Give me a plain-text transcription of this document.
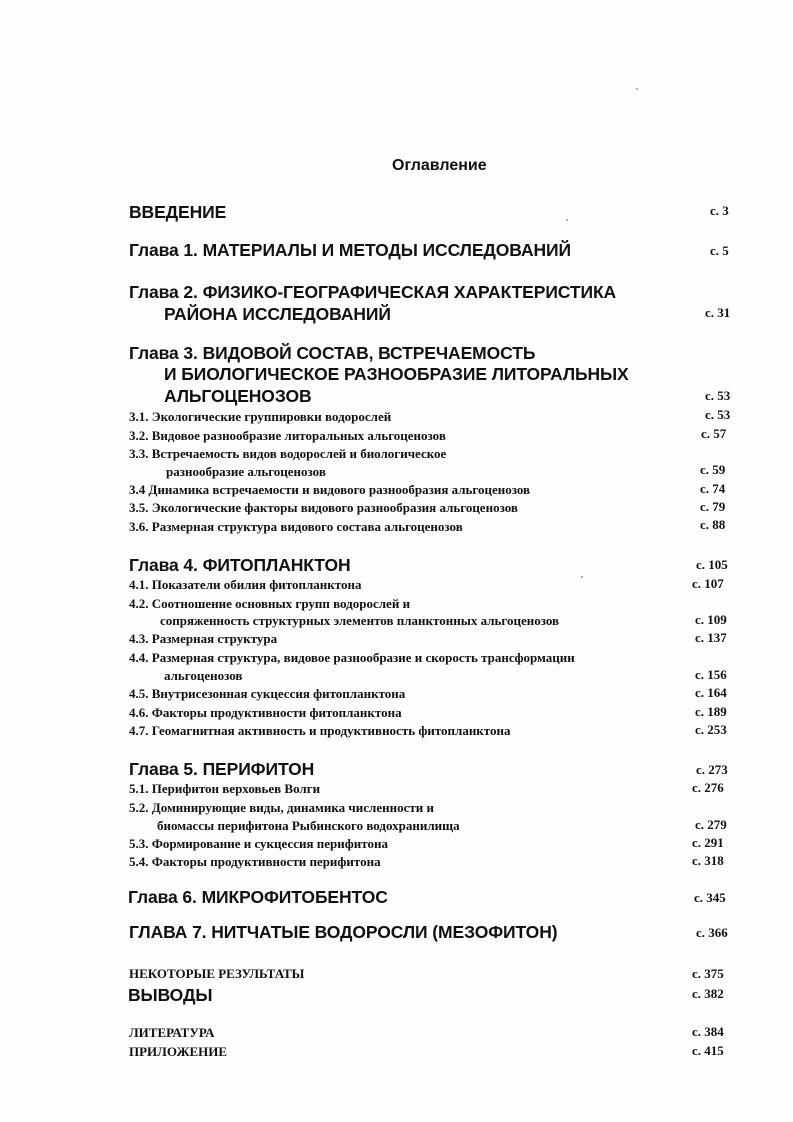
Оглавление
ВВЕДЕНИЕ	с. 3
Глава 1. МАТЕРИАЛЫ И МЕТОДЫ ИССЛЕДОВАНИЙ	с. 5
Глава 2. ФИЗИКО-ГЕОГРАФИЧЕСКАЯ ХАРАКТЕРИСТИКА
РАЙОНА ИССЛЕДОВАНИЙ	с. 31
Глава 3. ВИДОВОЙ СОСТАВ, ВСТРЕЧАЕМОСТЬ
И БИОЛОГИЧЕСКОЕ РАЗНООБРАЗИЕ ЛИТОРАЛЬНЫХ
АЛЬГОЦЕНОЗОВ	с. 53
3.1. Экологические группировки водорослей	с. 53
3.2. Видовое разнообразие литоральных альгоценозов	с. 57
3.3. Встречаемость видов водорослей и биологическое
разнообразие альгоценозов	с. 59
3.4 Динамика встречаемости и видового разнообразия альгоценозов	с. 74
3.5. Экологические факторы видового разнообразия альгоценозов	с. 79
3.6. Размерная структура видового состава альгоценозов	с. 88
Глава 4. ФИТОПЛАНКТОН	с. 105
4.1. Показатели обилия фитопланктона	с. 107
4.2. Соотношение основных групп водорослей и
сопряженность структурных элементов планктонных альгоценозов	с. 109
4.3. Размерная структура	с. 137
4.4. Размерная структура, видовое разнообразие и скорость трансформации
альгоценозов	с. 156
4.5. Внутрисезонная сукцессия фитопланктона	с. 164
4.6. Факторы продуктивности фитопланктона	с. 189
4.7. Геомагнитная активность и продуктивность фитопланктона	с. 253
Глава 5. ПЕРИФИТОН	с. 273
5.1. Перифитон верховьев Волги	с. 276
5.2. Доминирующие виды, динамика численности и
биомассы перифитона Рыбинского водохранилища	с. 279
5.3. Формирование и сукцессия перифитона	с. 291
5.4. Факторы продуктивности перифитона	с. 318
Глава 6. МИКРОФИТОБЕНТОС	с. 345
ГЛАВА 7. НИТЧАТЫЕ ВОДОРОСЛИ (МЕЗОФИТОН)	с. 366
НЕКОТОРЫЕ РЕЗУЛЬТАТЫ	с. 375
ВЫВОДЫ	с. 382
ЛИТЕРАТУРА	с. 384
ПРИЛОЖЕНИЕ	с. 415
